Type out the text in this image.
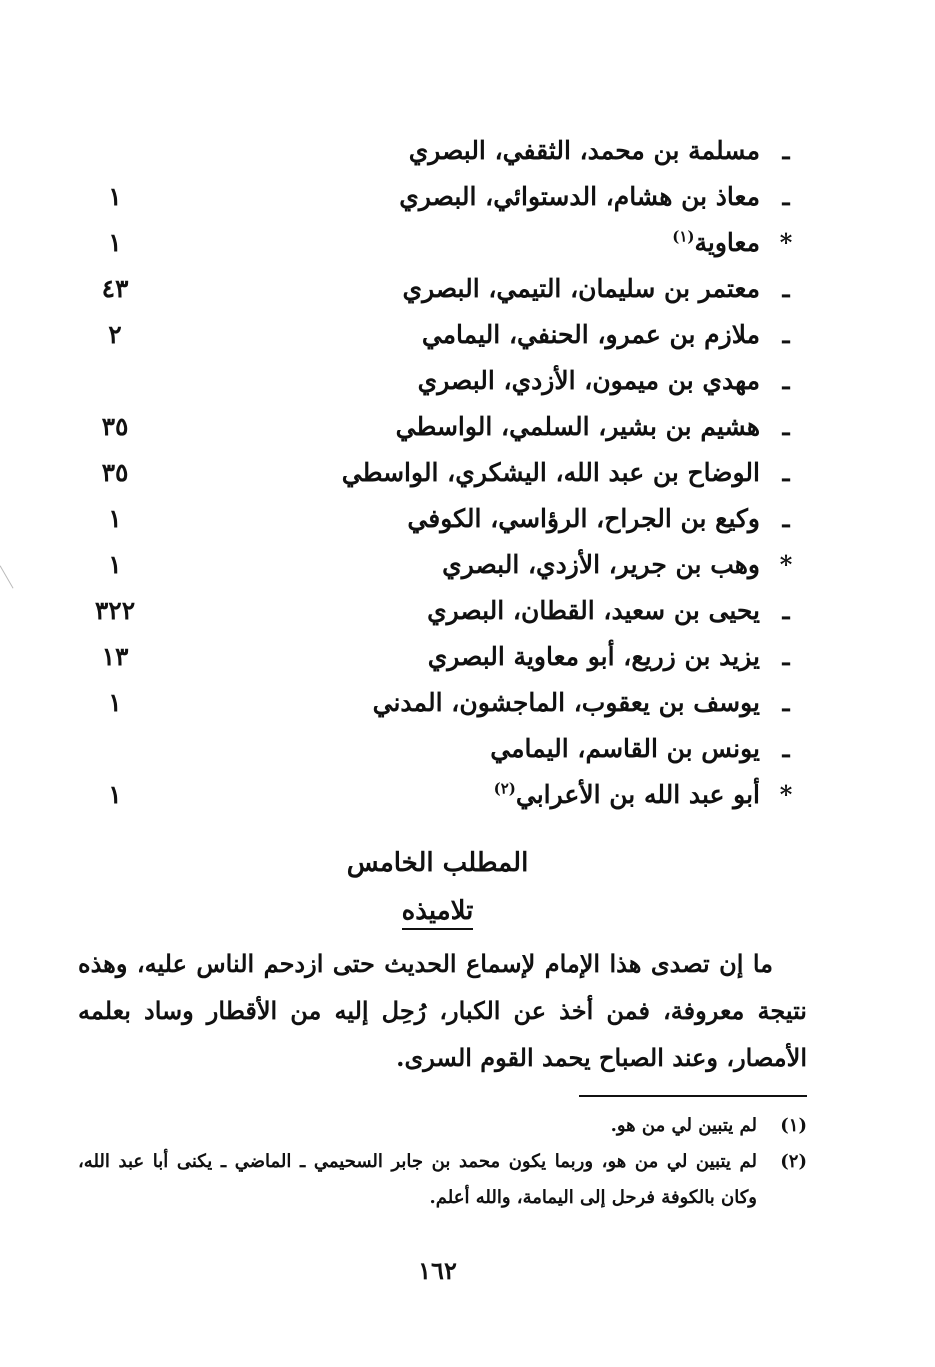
ـ
مسلمة بن محمد، الثقفي، البصري
ـ
معاذ بن هشام، الدستوائي، البصري
١
*
معاوية$^{(١)}$
١
ـ
معتمر بن سليمان، التيمي، البصري
٤٣
ـ
ملازم بن عمرو، الحنفي، اليمامي
٢
ـ
مهدي بن ميمون، الأزدي، البصري
ـ
هشيم بن بشير، السلمي، الواسطي
٣٥
ـ
الوضاح بن عبد الله، اليشكري، الواسطي
٣٥
ـ
وكيع بن الجراح، الرؤاسي، الكوفي
١
*
وهب بن جرير، الأزدي، البصري
١
ـ
يحيى بن سعيد، القطان، البصري
٣٢٢
ـ
يزيد بن زريع، أبو معاوية البصري
١٣
ـ
يوسف بن يعقوب، الماجشون، المدني
١
ـ
يونس بن القاسم، اليمامي
*
أبو عبد الله بن الأعرابي$^{(٢)}$
١
المطلب الخامس
تلاميذه

ما إن تصدى هذا الإمام لإسماع الحديث حتى ازدحم الناس عليه، وهذه نتيجة معروفة، فمن أخذ عن الكبار، رُحِل إليه من الأقطار وساد بعلمه الأمصار، وعند الصباح يحمد القوم السرى.

(١)
لم يتبين لي من هو.
(٢)
لم يتبين لي من هو، وربما يكون محمد بن جابر السحيمي ـ الماضي ـ يكنى أبا عبد الله، وكان بالكوفة فرحل إلى اليمامة، والله أعلم.
١٦٢
